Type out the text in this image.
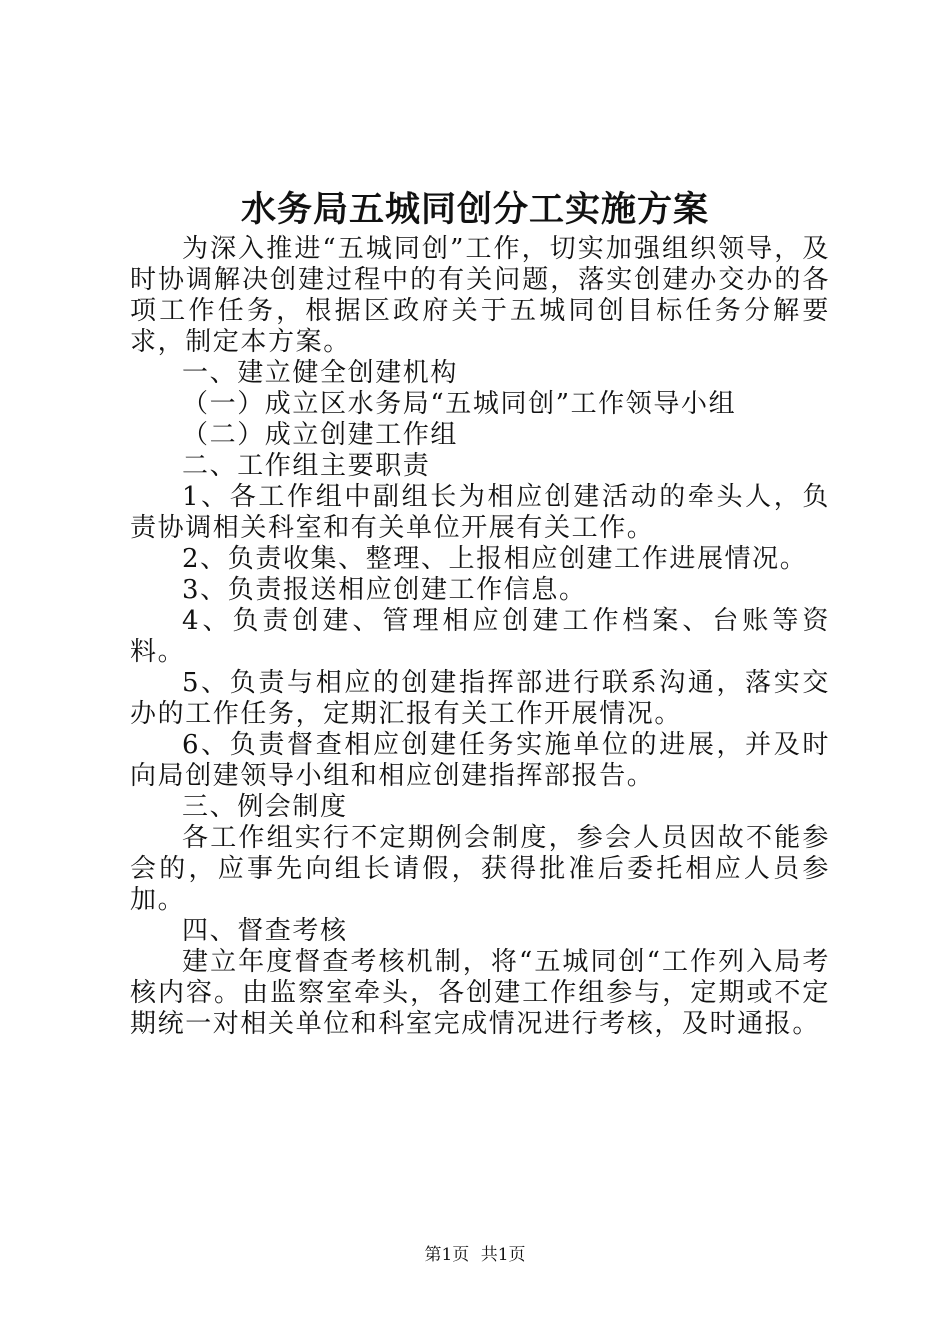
水务局五城同创分工实施方案

为深入推进“五城同创”工作，切实加强组织领导，及时协调解决创建过程中的有关问题，落实创建办交办的各项工作任务，根据区政府关于五城同创目标任务分解要求，制定本方案。

一、建立健全创建机构

（一）成立区水务局“五城同创”工作领导小组

（二）成立创建工作组

二、工作组主要职责

1、各工作组中副组长为相应创建活动的牵头人，负责协调相关科室和有关单位开展有关工作。

2、负责收集、整理、上报相应创建工作进展情况。

3、负责报送相应创建工作信息。

4、负责创建、管理相应创建工作档案、台账等资料。

5、负责与相应的创建指挥部进行联系沟通，落实交办的工作任务，定期汇报有关工作开展情况。

6、负责督查相应创建任务实施单位的进展，并及时向局创建领导小组和相应创建指挥部报告。

三、例会制度

各工作组实行不定期例会制度，参会人员因故不能参会的，应事先向组长请假，获得批准后委托相应人员参加。

四、督查考核

建立年度督查考核机制，将“五城同创“工作列入局考核内容。由监察室牵头，各创建工作组参与，定期或不定期统一对相关单位和科室完成情况进行考核，及时通报。

第1页 共1页
